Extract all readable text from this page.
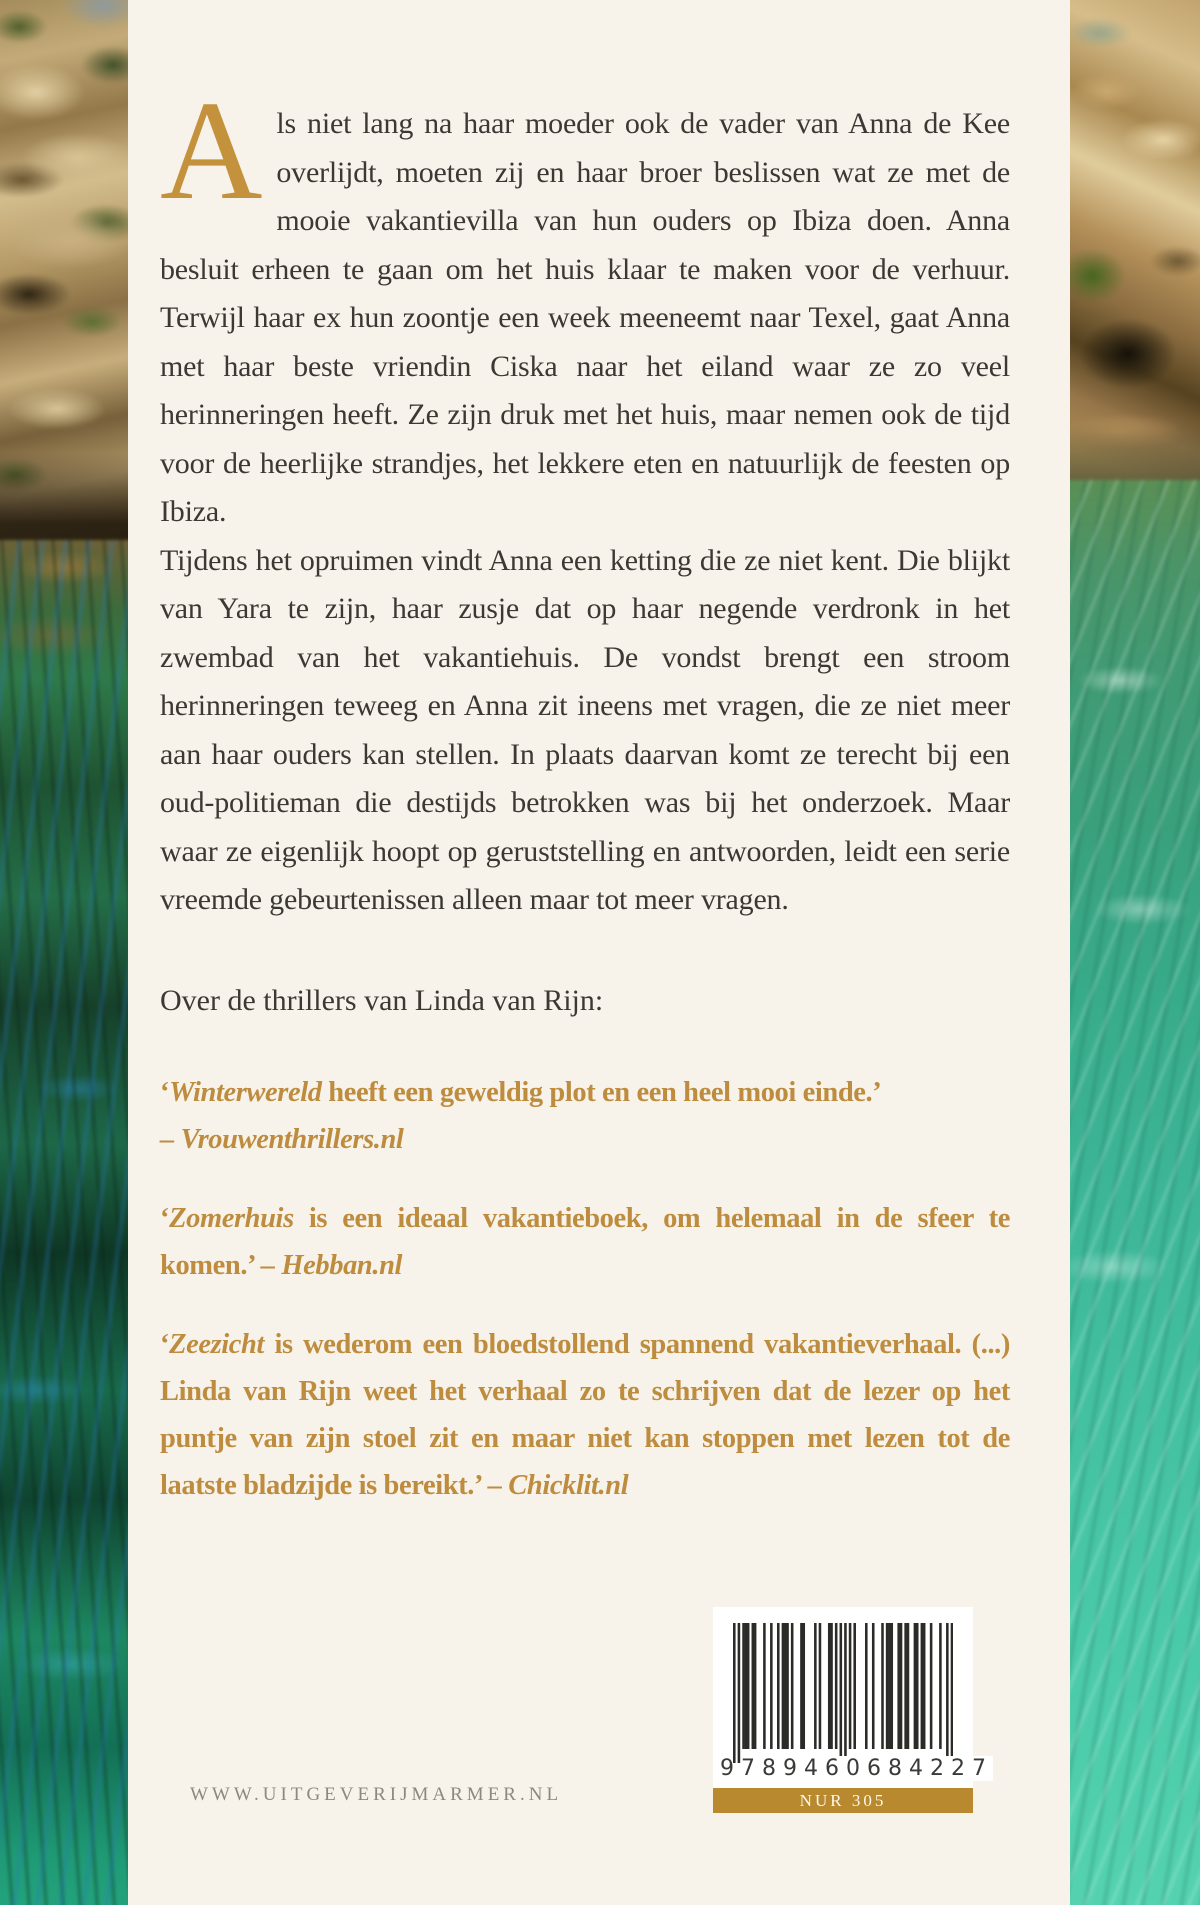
Als niet lang na haar moeder ook de vader van Anna de Kee overlijdt, moeten zij en haar broer beslissen wat ze met de mooie vakantievilla van hun ouders op Ibiza doen. Anna besluit erheen te gaan om het huis klaar te maken voor de verhuur. Terwijl haar ex hun zoontje een week meeneemt naar Texel, gaat Anna met haar beste vriendin Ciska naar het eiland waar ze zo veel herinneringen heeft. Ze zijn druk met het huis, maar nemen ook de tijd voor de heerlijke strandjes, het lekkere eten en natuurlijk de feesten op Ibiza.

Tijdens het opruimen vindt Anna een ketting die ze niet kent. Die blijkt van Yara te zijn, haar zusje dat op haar negende verdronk in het zwembad van het vakantiehuis. De vondst brengt een stroom herinneringen teweeg en Anna zit ineens met vragen, die ze niet meer aan haar ouders kan stellen. In plaats daarvan komt ze terecht bij een oud-politieman die destijds betrokken was bij het onderzoek. Maar waar ze eigenlijk hoopt op geruststelling en antwoorden, leidt een serie vreemde gebeurtenissen alleen maar tot meer vragen.

Over de thrillers van Linda van Rijn:

‘Winterwereld heeft een geweldig plot en een heel mooi einde.’
– Vrouwenthrillers.nl
‘Zomerhuis is een ideaal vakantieboek, om helemaal in de sfeer te komen.’ – Hebban.nl
‘Zeezicht is wederom een bloedstollend spannend vakantieverhaal. (...) Linda van Rijn weet het verhaal zo te schrijven dat de lezer op het puntje van zijn stoel zit en maar niet kan stoppen met lezen tot de laatste bladzijde is bereikt.’ – Chicklit.nl
WWW.UITGEVERIJMARMER.NL
9 789460 684227
NUR 305
